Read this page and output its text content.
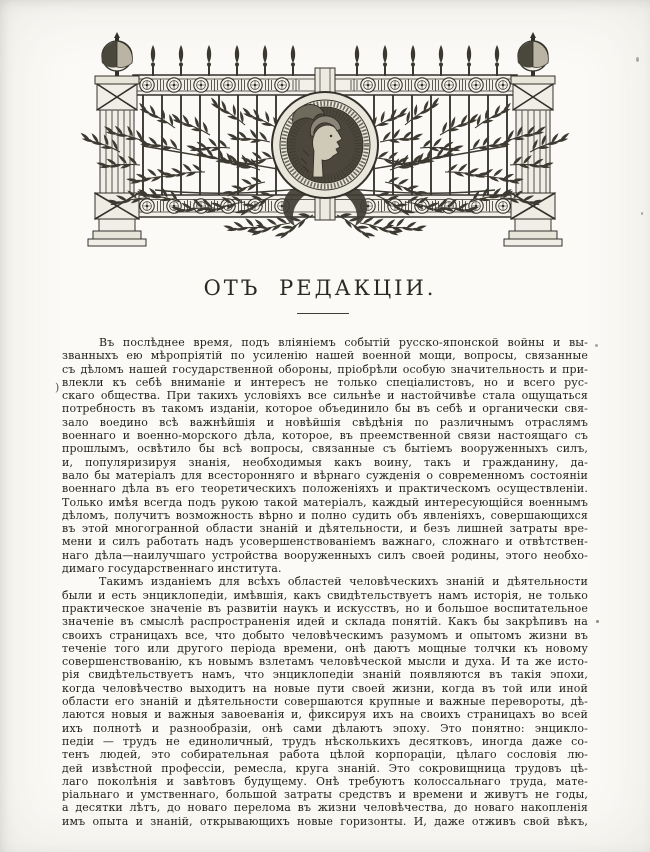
ОТЪ РЕДАКЦІИ.
Въ послѣднее время, подъ вліяніемъ событій русско-японской войны и вы-
званныхъ ею мѣропріятій по усиленію нашей военной мощи, вопросы, связанные
съ дѣломъ нашей государственной обороны, пріобрѣли особую значительность и при-
влекли къ себѣ вниманіе и интересъ не только спеціалистовъ, но и всего рус-
скаго общества. При такихъ условіяхъ все сильнѣе и настойчивѣе стала ощущаться
потребность въ такомъ изданіи, которое объединило бы въ себѣ и органически свя-
зало воедино всѣ важнѣйшія и новѣйшія свѣдѣнія по различнымъ отраслямъ
военнаго и военно-морского дѣла, которое, въ преемственной связи настоящаго съ
прошлымъ, освѣтило бы всѣ вопросы, связанные съ бытіемъ вооруженныхъ силъ,
и, популяризируя знанія, необходимыя какъ воину, такъ и гражданину, да-
вало бы матеріалъ для всесторонняго и вѣрнаго сужденія о современномъ состояніи
военнаго дѣла въ его теоретическихъ положеніяхъ и практическомъ осуществленіи.
Только имѣя всегда подъ рукою такой матеріалъ, каждый интересующійся военнымъ
дѣломъ, получитъ возможность вѣрно и полно судить объ явленіяхъ, совершающихся
въ этой многогранной области знаній и дѣятельности, и безъ лишней затраты вре-
мени и силъ работать надъ усовершенствованіемъ важнаго, сложнаго и отвѣтствен-
наго дѣла—наилучшаго устройства вооруженныхъ силъ своей родины, этого необхо-
димаго государственнаго института.
Такимъ изданіемъ для всѣхъ областей человѣческихъ знаній и дѣятельности
были и есть энциклопедіи, имѣвшія, какъ свидѣтельствуетъ намъ исторія, не только
практическое значеніе въ развитіи наукъ и искусствъ, но и большое воспитательное
значеніе въ смыслѣ распространенія идей и склада понятій. Какъ бы закрѣпивъ на
своихъ страницахъ все, что добыто человѣческимъ разумомъ и опытомъ жизни въ
теченіе того или другого періода времени, онѣ даютъ мощные толчки къ новому
совершенствованію, къ новымъ взлетамъ человѣческой мысли и духа. И та же исто-
рія свидѣтельствуетъ намъ, что энциклопедіи знаній появляются въ такія эпохи,
когда человѣчество выходитъ на новые пути своей жизни, когда въ той или иной
области его знаній и дѣятельности совершаются крупные и важные перевороты, дѣ-
лаются новыя и важныя завоеванія и, фиксируя ихъ на своихъ страницахъ во всей
ихъ полнотѣ и разнообразіи, онѣ сами дѣлаютъ эпоху. Это понятно: энцикло-
педіи — трудъ не единоличный, трудъ нѣсколькихъ десятковъ, иногда даже со-
тенъ людей, это собирательная работа цѣлой корпораціи, цѣлаго сословія лю-
дей извѣстной профессіи, ремесла, круга знаній. Это сокровищница трудовъ цѣ-
лаго поколѣнія и завѣтовъ будущему. Онѣ требуютъ колоссальнаго труда, мате-
ріальнаго и умственнаго, большой затраты средствъ и времени и живутъ не годы,
а десятки лѣтъ, до новаго перелома въ жизни человѣчества, до новаго накопленія
имъ опыта и знаній, открывающихъ новые горизонты. И, даже отживъ свой вѣкъ,
)
